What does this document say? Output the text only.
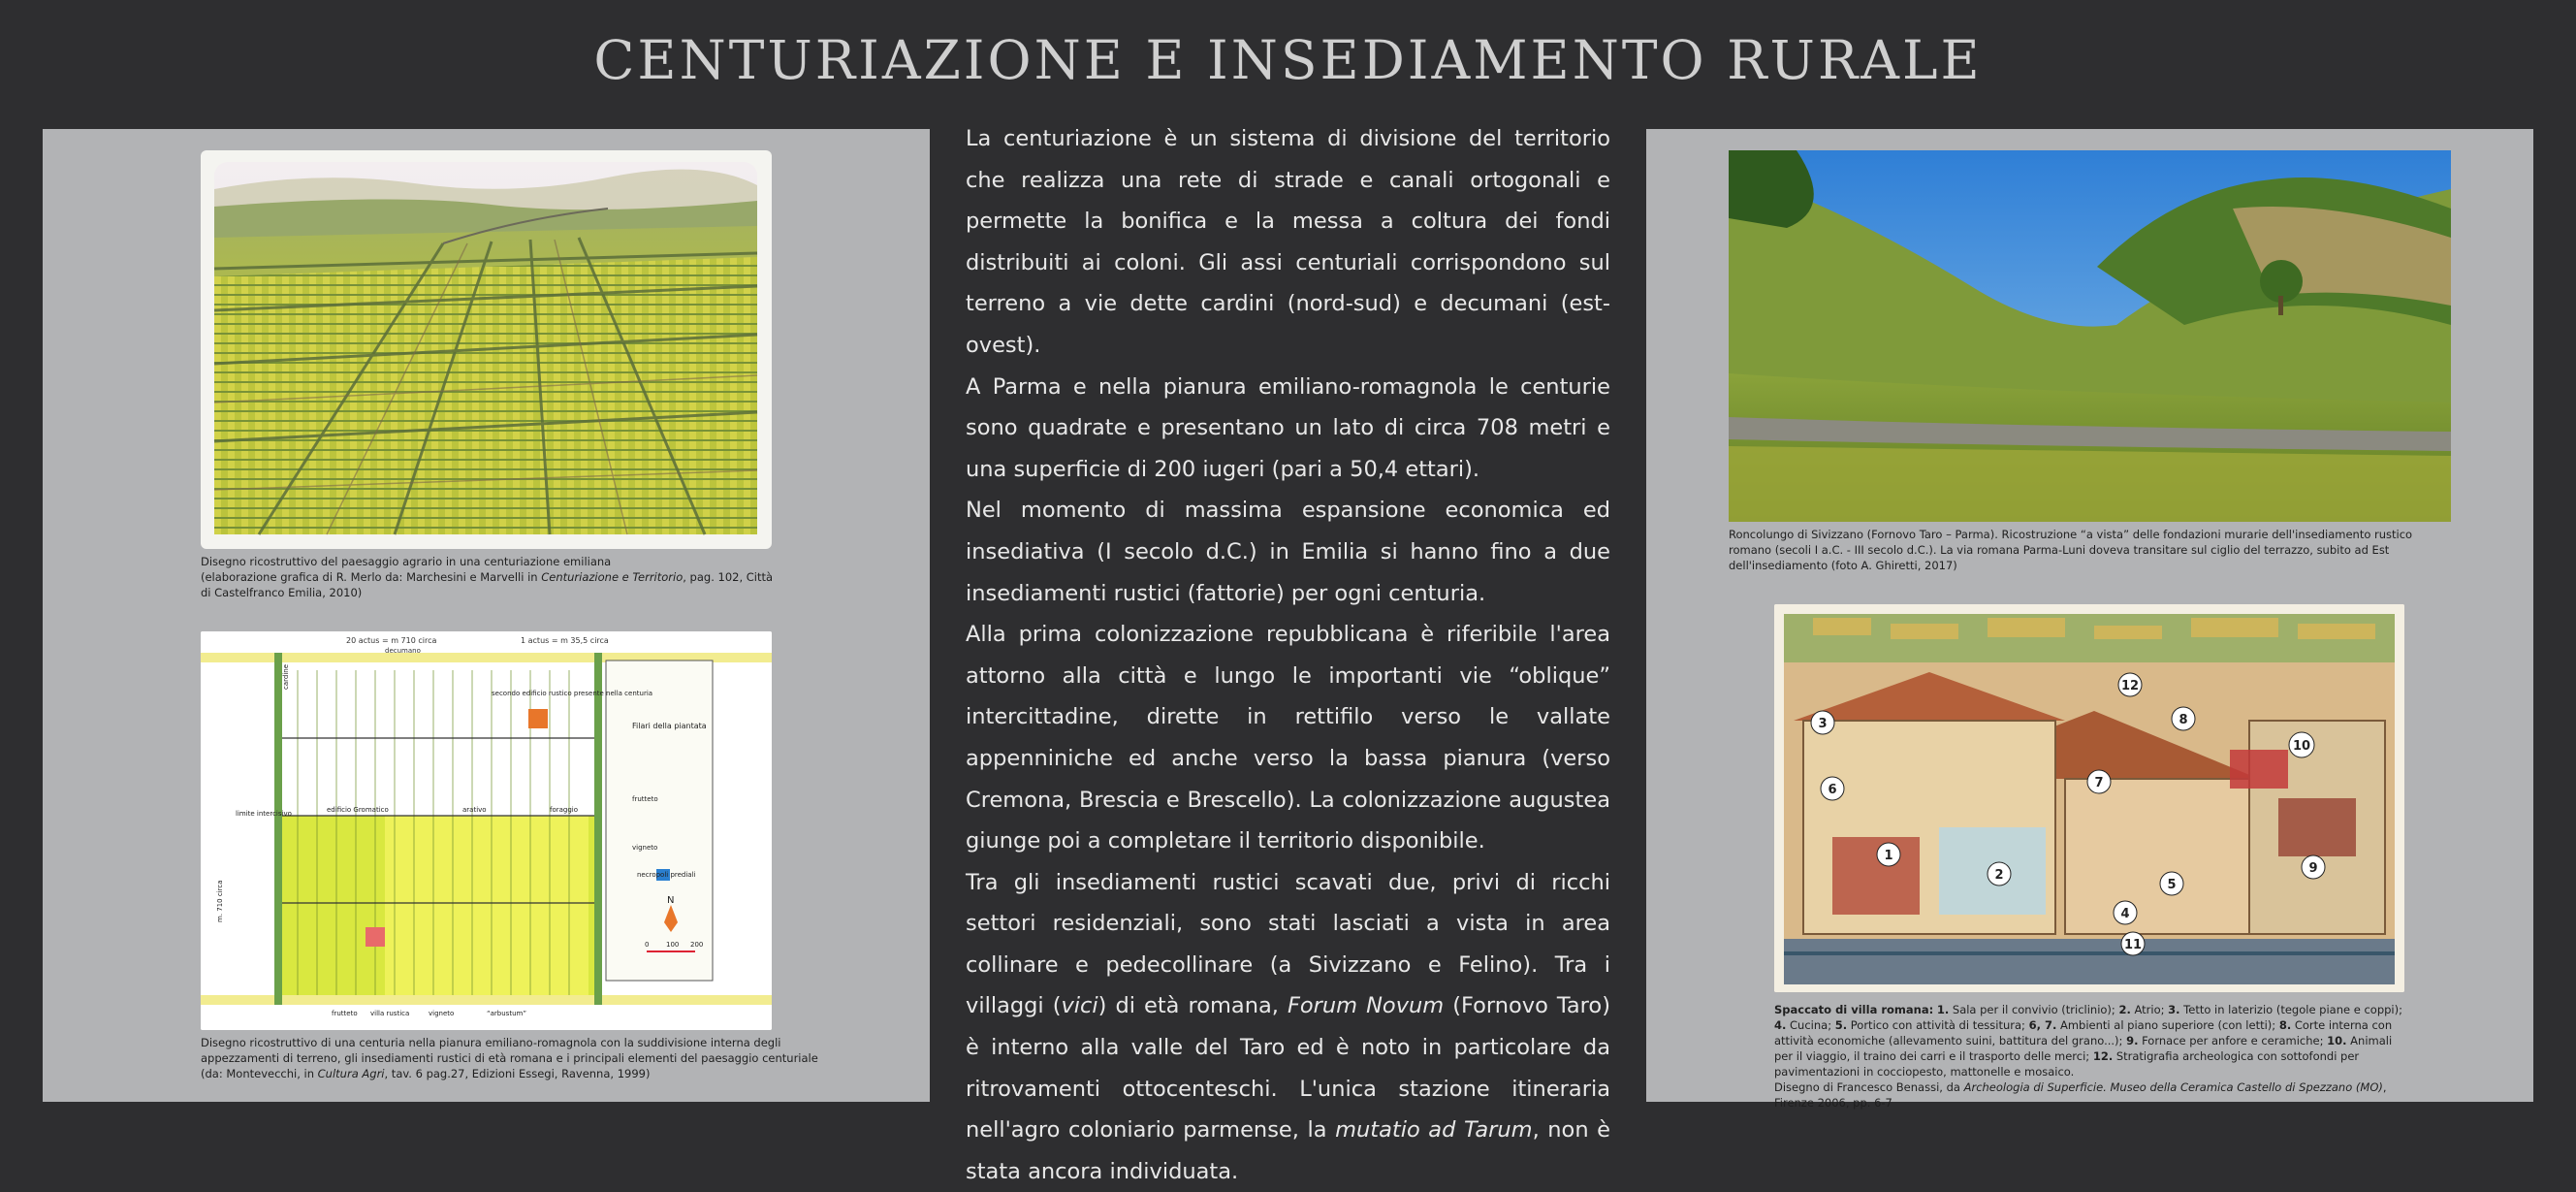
CENTURIAZIONE E INSEDIAMENTO RURALE

Disegno ricostruttivo del paesaggio agrario in una centuriazione emiliana

(elaborazione grafica di R. Merlo da: Marchesini e Marvelli in Centuriazione e Territorio, pag. 102, Città di Castelfranco Emilia, 2010)

20 actus = m 710 circa	1 actus = m 35,5 circa
decumano
secondo edificio rustico presente nella centuria
Filari della piantata
frutteto
vigneto
necropoli prediali
cardine
limite intercisivo	edificio Gromatico	arativo	foraggio
frutteto villa rustica	vigneto	“arbustum”
m. 710 circa	N
0	100 200

Disegno ricostruttivo di una centuria nella pianura emiliano-romagnola con la suddivisione interna degli appezzamenti di terreno, gli insediamenti rustici di età romana e i principali elementi del paesaggio centuriale

(da: Montevecchi, in Cultura Agri, tav. 6 pag.27, Edizioni Essegi, Ravenna, 1999)

La centuriazione è un sistema di divisione del territorio che realizza una rete di strade e canali ortogonali e permette la bonifica e la messa a coltura dei fondi distribuiti ai coloni. Gli assi centuriali corrispondono sul terreno a vie dette cardini (nord-sud) e decumani (est-ovest).

A Parma e nella pianura emiliano-romagnola le centurie sono quadrate e presentano un lato di circa 708 metri e una superficie di 200 iugeri (pari a 50,4 ettari).

Nel momento di massima espansione economica ed insediativa (I secolo d.C.) in Emilia si hanno fino a due insediamenti rustici (fattorie) per ogni centuria.

Alla prima colonizzazione repubblicana è riferibile l'area attorno alla città e lungo le importanti vie “oblique” intercittadine, dirette in rettifilo verso le vallate appenniniche ed anche verso la bassa pianura (verso Cremona, Brescia e Brescello). La colonizzazione augustea giunge poi a completare il territorio disponibile.

Tra gli insediamenti rustici scavati due, privi di ricchi settori residenziali, sono stati lasciati a vista in area collinare e pedecollinare (a Sivizzano e Felino). Tra i villaggi (vici) di età romana, Forum Novum (Fornovo Taro) è interno alla valle del Taro ed è noto in particolare da ritrovamenti ottocenteschi. L'unica stazione itineraria nell'agro coloniario parmense, la mutatio ad Tarum, non è stata ancora individuata.

Roncolungo di Sivizzano (Fornovo Taro – Parma). Ricostruzione “a vista” delle fondazioni murarie dell'insediamento rustico romano (secoli I a.C. - III secolo d.C.). La via romana Parma-Luni doveva transitare sul ciglio del terrazzo, subito ad Est dell'insediamento (foto A. Ghiretti, 2017)
1
2
3
4
5
6	7
8
9
10
11
12

Spaccato di villa romana: 1. Sala per il convivio (triclinio); 2. Atrio; 3. Tetto in laterizio (tegole piane e coppi); 4. Cucina; 5. Portico con attività di tessitura; 6, 7. Ambienti al piano superiore (con letti); 8. Corte interna con attività economiche (allevamento suini, battitura del grano...); 9. Fornace per anfore e ceramiche; 10. Animali per il viaggio, il traino dei carri e il trasporto delle merci; 12. Stratigrafia archeologica con sottofondi per pavimentazioni in cocciopesto, mattonelle e mosaico.

Disegno di Francesco Benassi, da Archeologia di Superficie. Museo della Ceramica Castello di Spezzano (MO), Firenze 2006, pp. 6-7
